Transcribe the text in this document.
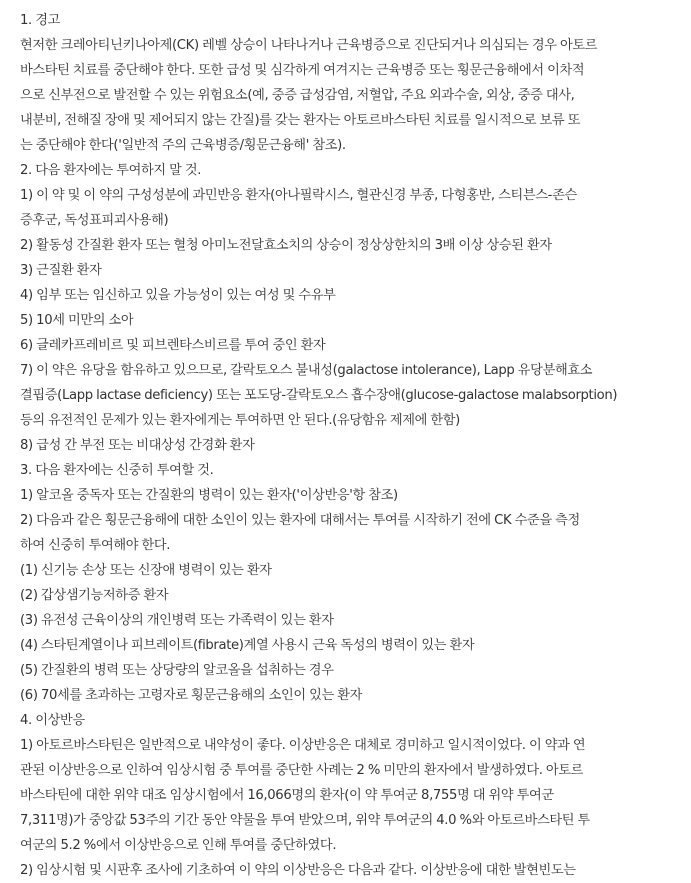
1. 경고
현저한 크레아티닌키나아제(CK) 레벨 상승이 나타나거나 근육병증으로 진단되거나 의심되는 경우 아토르
바스타틴 치료를 중단해야 한다. 또한 급성 및 심각하게 여겨지는 근육병증 또는 횡문근융해에서 이차적
으로 신부전으로 발전할 수 있는 위험요소(예, 중증 급성감염, 저혈압, 주요 외과수술, 외상, 중증 대사,
내분비, 전해질 장애 및 제어되지 않는 간질)를 갖는 환자는 아토르바스타틴 치료를 일시적으로 보류 또
는 중단해야 한다('일반적 주의 근육병증/횡문근융해' 참조).
2. 다음 환자에는 투여하지 말 것.
1) 이 약 및 이 약의 구성성분에 과민반응 환자(아나필락시스, 혈관신경 부종, 다형홍반, 스티븐스-존슨
증후군, 독성표피괴사용해)
2) 활동성 간질환 환자 또는 혈청 아미노전달효소치의 상승이 정상상한치의 3배 이상 상승된 환자
3) 근질환 환자
4) 임부 또는 임신하고 있을 가능성이 있는 여성 및 수유부
5) 10세 미만의 소아
6) 글레카프레비르 및 피브렌타스비르를 투여 중인 환자
7) 이 약은 유당을 함유하고 있으므로, 갈락토오스 불내성(galactose intolerance), Lapp 유당분해효소
결핍증(Lapp lactase deficiency) 또는 포도당-갈락토오스 흡수장애(glucose-galactose malabsorption)
등의 유전적인 문제가 있는 환자에게는 투여하면 안 된다.(유당함유 제제에 한함)
8) 급성 간 부전 또는 비대상성 간경화 환자
3. 다음 환자에는 신중히 투여할 것.
1) 알코올 중독자 또는 간질환의 병력이 있는 환자('이상반응'항 참조)
2) 다음과 같은 횡문근융해에 대한 소인이 있는 환자에 대해서는 투여를 시작하기 전에 CK 수준을 측정
하여 신중히 투여해야 한다.
(1) 신기능 손상 또는 신장애 병력이 있는 환자
(2) 갑상샘기능저하증 환자
(3) 유전성 근육이상의 개인병력 또는 가족력이 있는 환자
(4) 스타틴계열이나 피브레이트(fibrate)계열 사용시 근육 독성의 병력이 있는 환자
(5) 간질환의 병력 또는 상당량의 알코올을 섭취하는 경우
(6) 70세를 초과하는 고령자로 횡문근융해의 소인이 있는 환자
4. 이상반응
1) 아토르바스타틴은 일반적으로 내약성이 좋다. 이상반응은 대체로 경미하고 일시적이었다. 이 약과 연
관된 이상반응으로 인하여 임상시험 중 투여를 중단한 사례는 2 % 미만의 환자에서 발생하였다. 아토르
바스타틴에 대한 위약 대조 임상시험에서 16,066명의 환자(이 약 투여군 8,755명 대 위약 투여군
7,311명)가 중앙값 53주의 기간 동안 약물을 투여 받았으며, 위약 투여군의 4.0 %와 아토르바스타틴 투
여군의 5.2 %에서 이상반응으로 인해 투여를 중단하였다.
2) 임상시험 및 시판후 조사에 기초하여 이 약의 이상반응은 다음과 같다. 이상반응에 대한 발현빈도는
